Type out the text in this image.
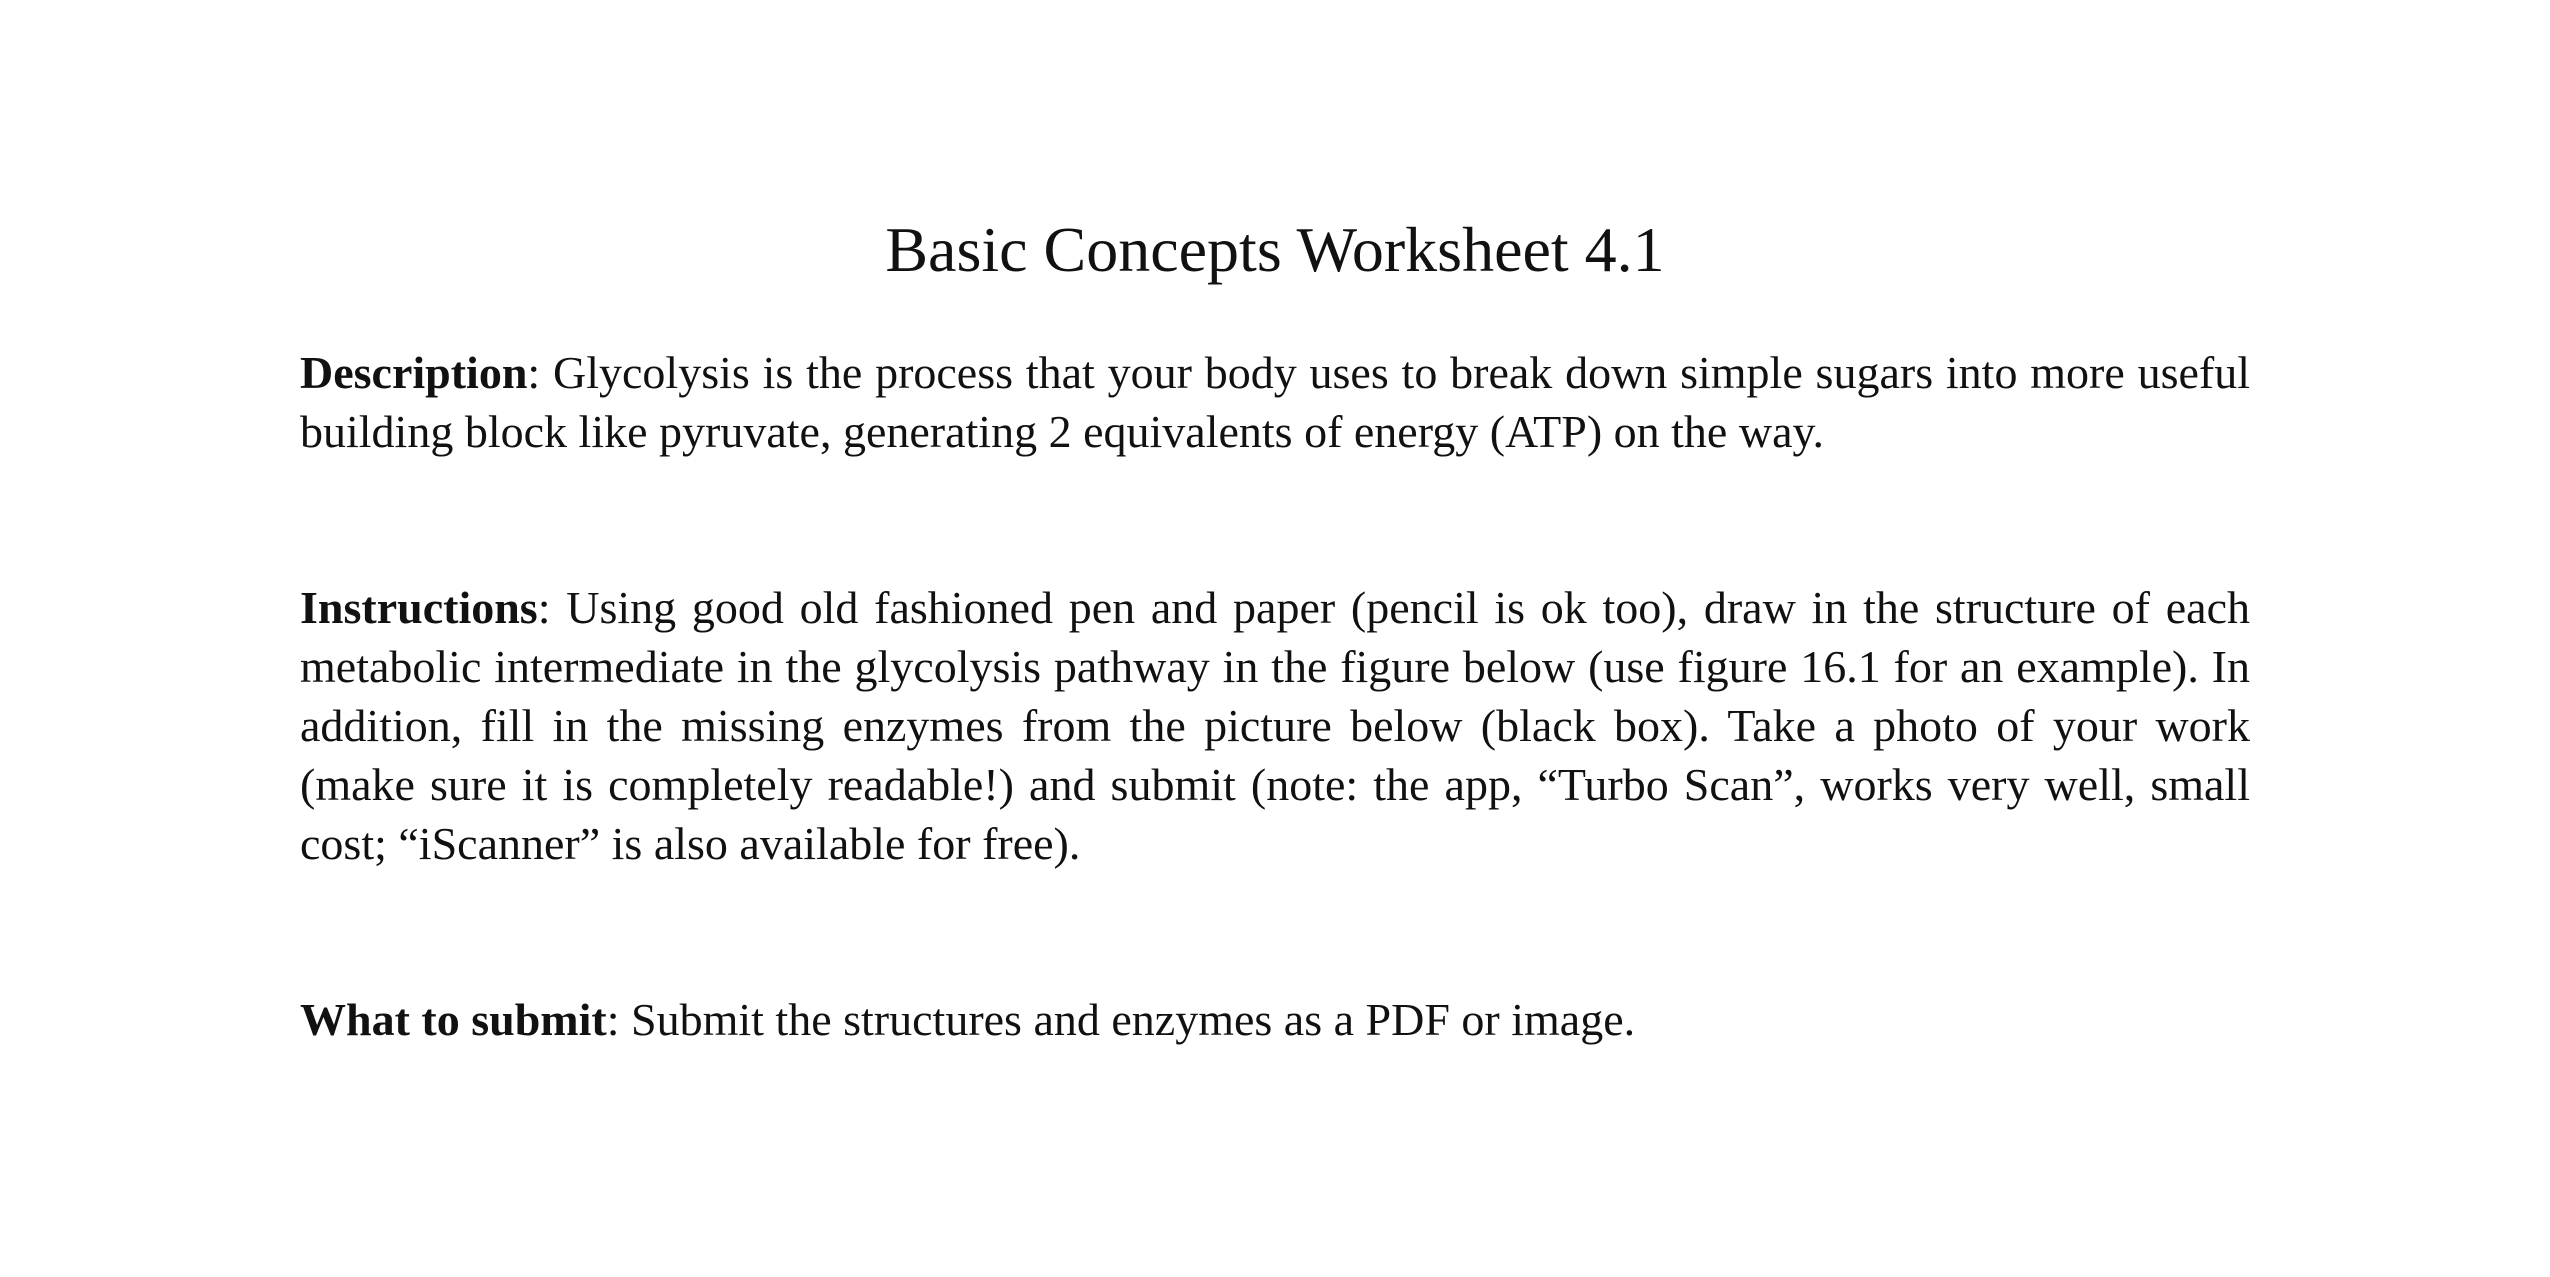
Basic Concepts Worksheet 4.1
Description: Glycolysis is the process that your body uses to break down simple sugars into more useful building block like pyruvate, generating 2 equivalents of energy (ATP) on the way.
Instructions: Using good old fashioned pen and paper (pencil is ok too), draw in the structure of each metabolic intermediate in the glycolysis pathway in the figure below (use figure 16.1 for an example). In addition, fill in the missing enzymes from the picture below (black box). Take a photo of your work (make sure it is completely readable!) and submit (note: the app, “Turbo Scan”, works very well, small cost; “iScanner” is also available for free).
What to submit: Submit the structures and enzymes as a PDF or image.
